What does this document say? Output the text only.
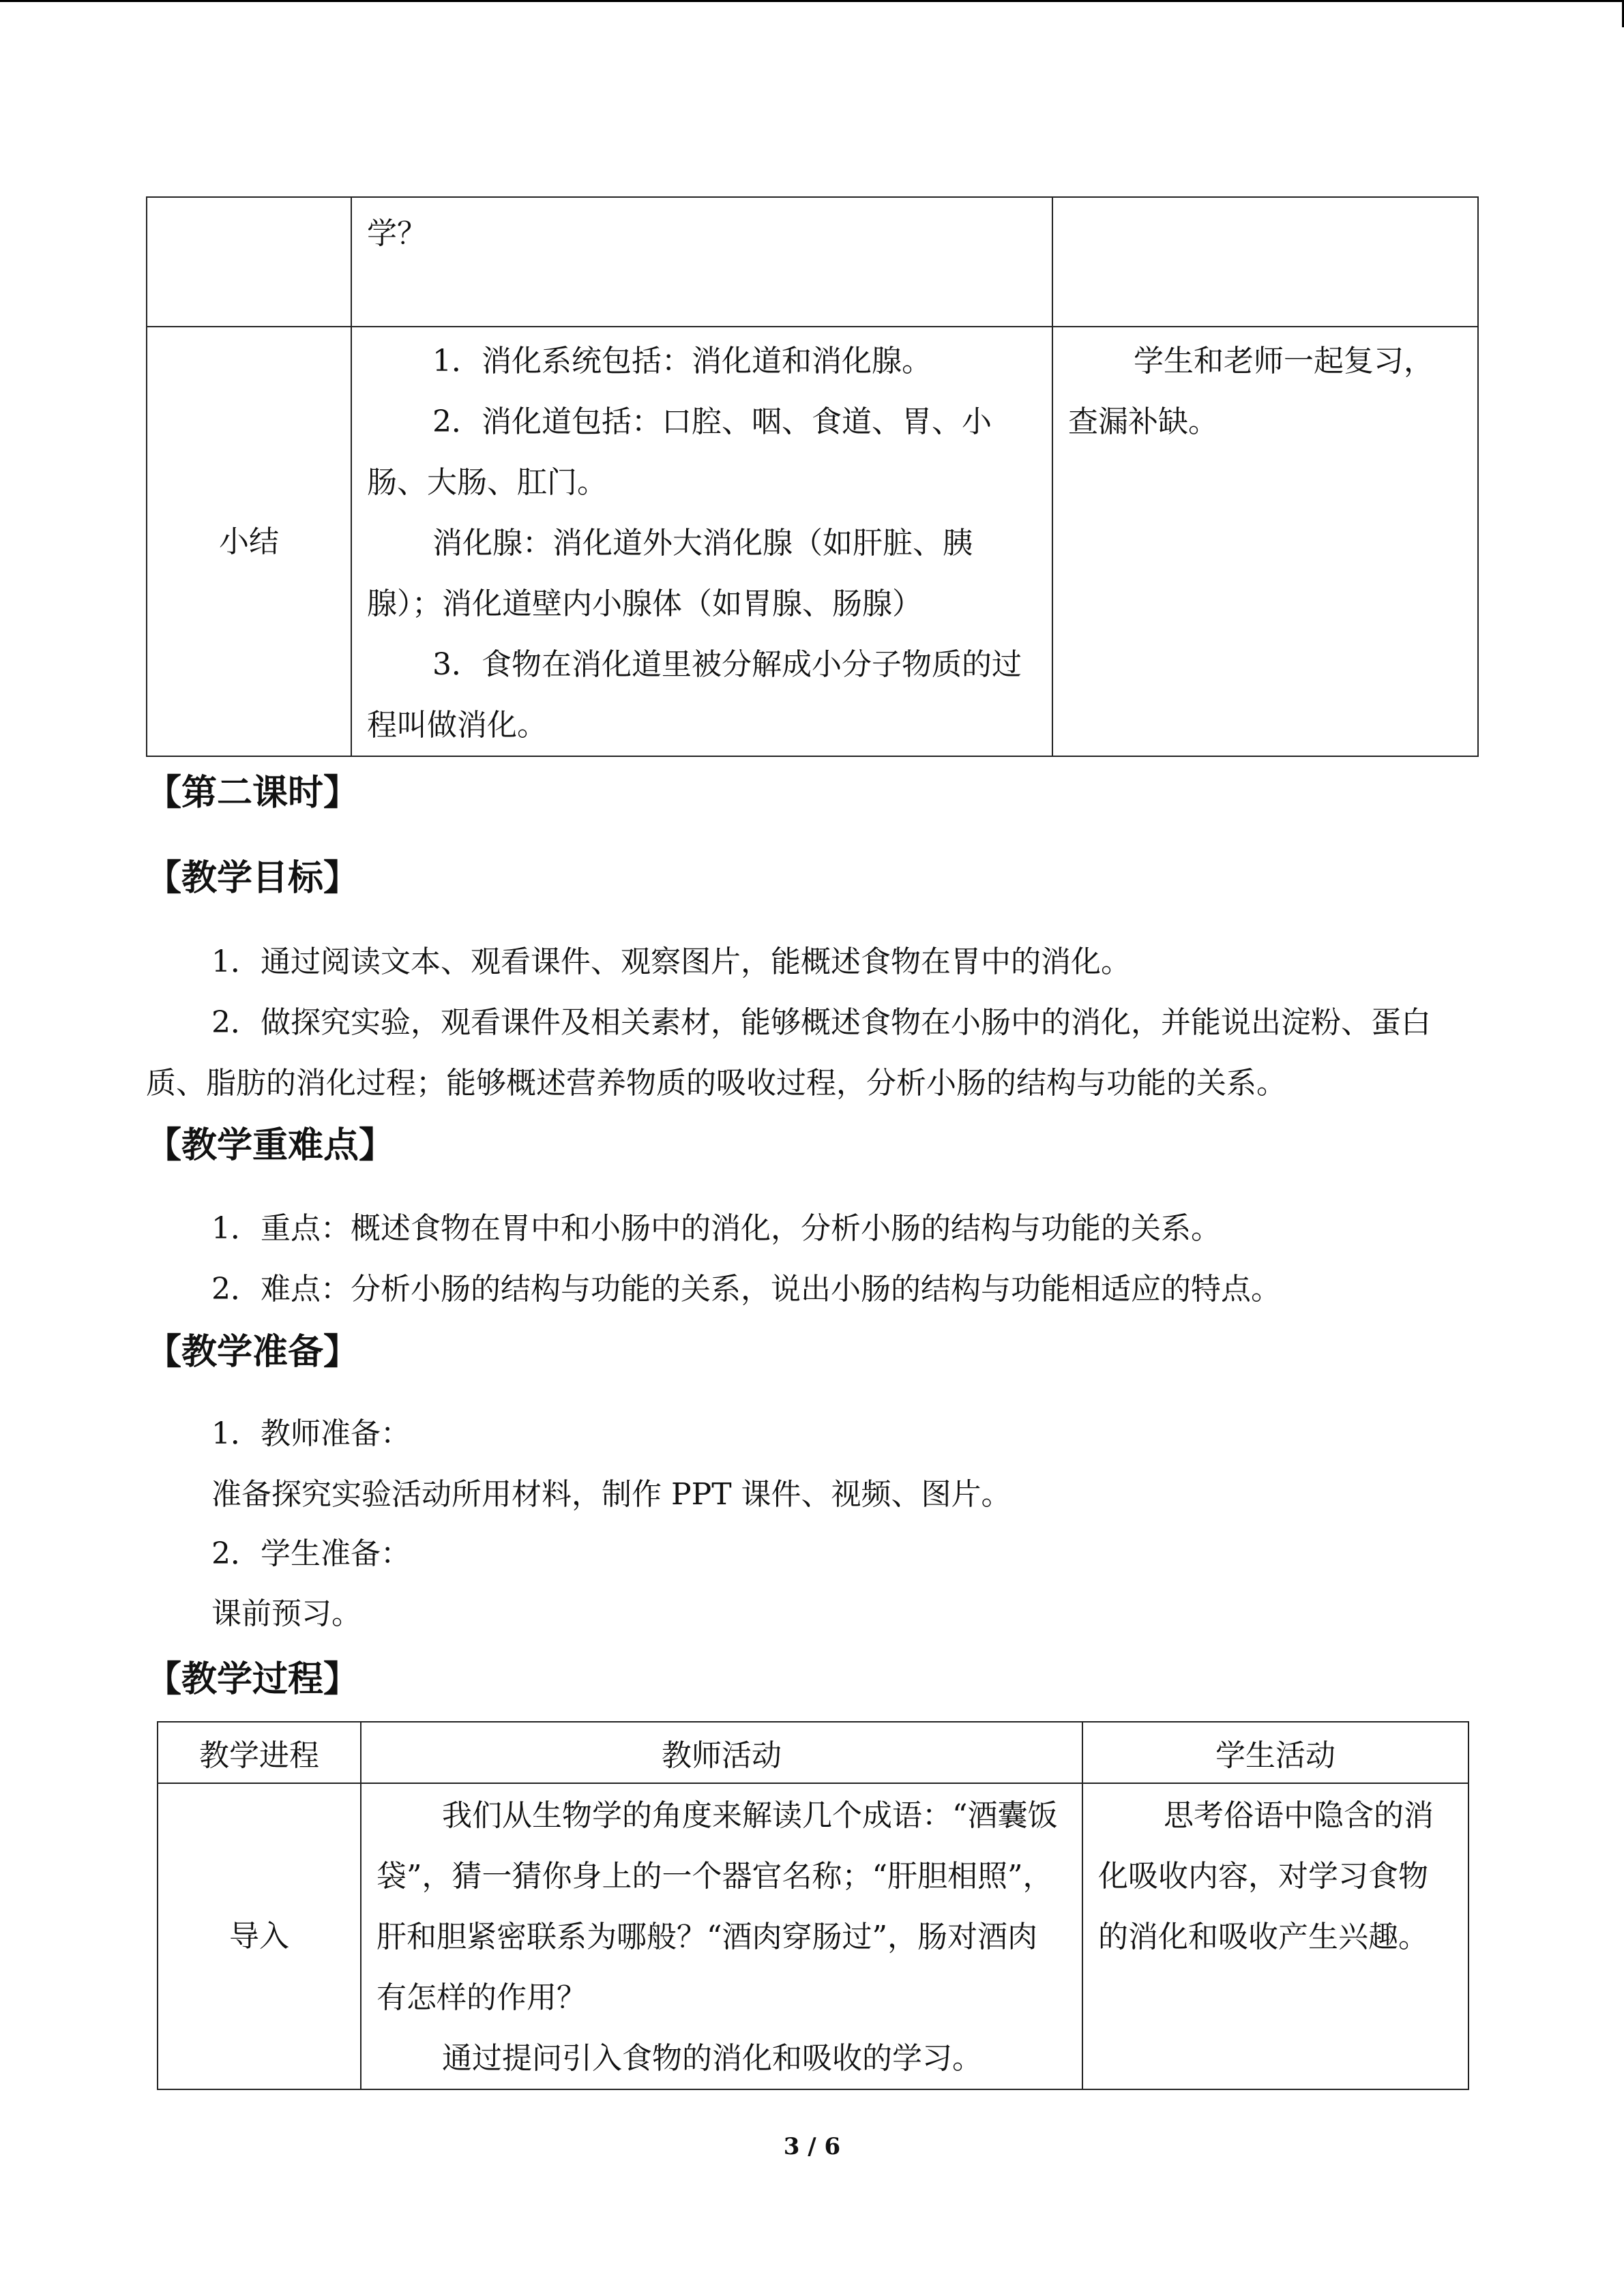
	学？	

小结	1．消化系统包括：消化道和消化腺。

2．消化道包括：口腔、咽、食道、胃、小肠、大肠、肛门。

消化腺：消化道外大消化腺（如肝脏、胰腺）；消化道壁内小腺体（如胃腺、肠腺）

3．食物在消化道里被分解成小分子物质的过程叫做消化。	学生和老师一起复习，查漏补缺。

【第二课时】
【教学目标】

1．通过阅读文本、观看课件、观察图片，能概述食物在胃中的消化。

2．做探究实验，观看课件及相关素材，能够概述食物在小肠中的消化，并能说出淀粉、蛋白质、脂肪的消化过程；能够概述营养物质的吸收过程，分析小肠的结构与功能的关系。

【教学重难点】

1．重点：概述食物在胃中和小肠中的消化，分析小肠的结构与功能的关系。

2．难点：分析小肠的结构与功能的关系，说出小肠的结构与功能相适应的特点。

【教学准备】

1．教师准备：

准备探究实验活动所用材料，制作 PPT 课件、视频、图片。

2．学生准备：

课前预习。

【教学过程】
教学进程	教师活动	学生活动
导入	我们从生物学的角度来解读几个成语：“酒囊饭袋”，猜一猜你身上的一个器官名称；“肝胆相照”，肝和胆紧密联系为哪般？“酒肉穿肠过”，肠对酒肉有怎样的作用？

通过提问引入食物的消化和吸收的学习。	思考俗语中隐含的消化吸收内容，对学习食物的消化和吸收产生兴趣。

3 / 6
